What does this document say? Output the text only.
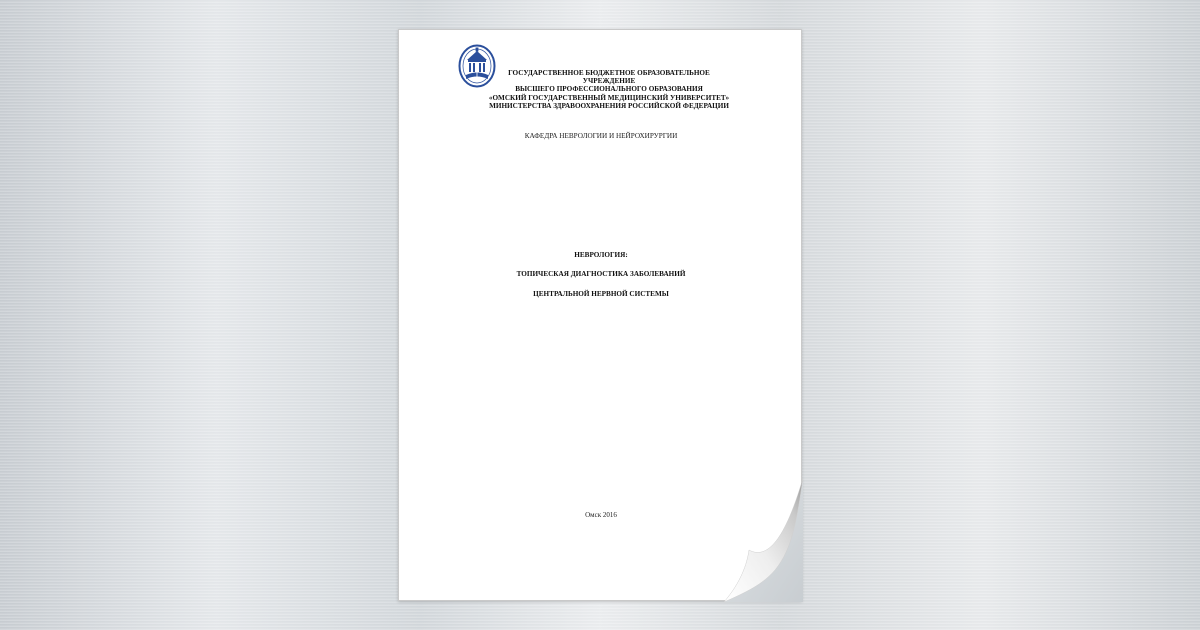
ГОСУДАРСТВЕННОЕ БЮДЖЕТНОЕ ОБРАЗОВАТЕЛЬНОЕ
УЧРЕЖДЕНИЕ
ВЫСШЕГО ПРОФЕССИОНАЛЬНОГО ОБРАЗОВАНИЯ
«ОМСКИЙ ГОСУДАРСТВЕННЫЙ МЕДИЦИНСКИЙ УНИВЕРСИТЕТ»
МИНИСТЕРСТВА ЗДРАВООХРАНЕНИЯ РОССИЙСКОЙ ФЕДЕРАЦИИ
КАФЕДРА НЕВРОЛОГИИ И НЕЙРОХИРУРГИИ
НЕВРОЛОГИЯ:
ТОПИЧЕСКАЯ ДИАГНОСТИКА ЗАБОЛЕВАНИЙ
ЦЕНТРАЛЬНОЙ НЕРВНОЙ СИСТЕМЫ
Омск 2016
